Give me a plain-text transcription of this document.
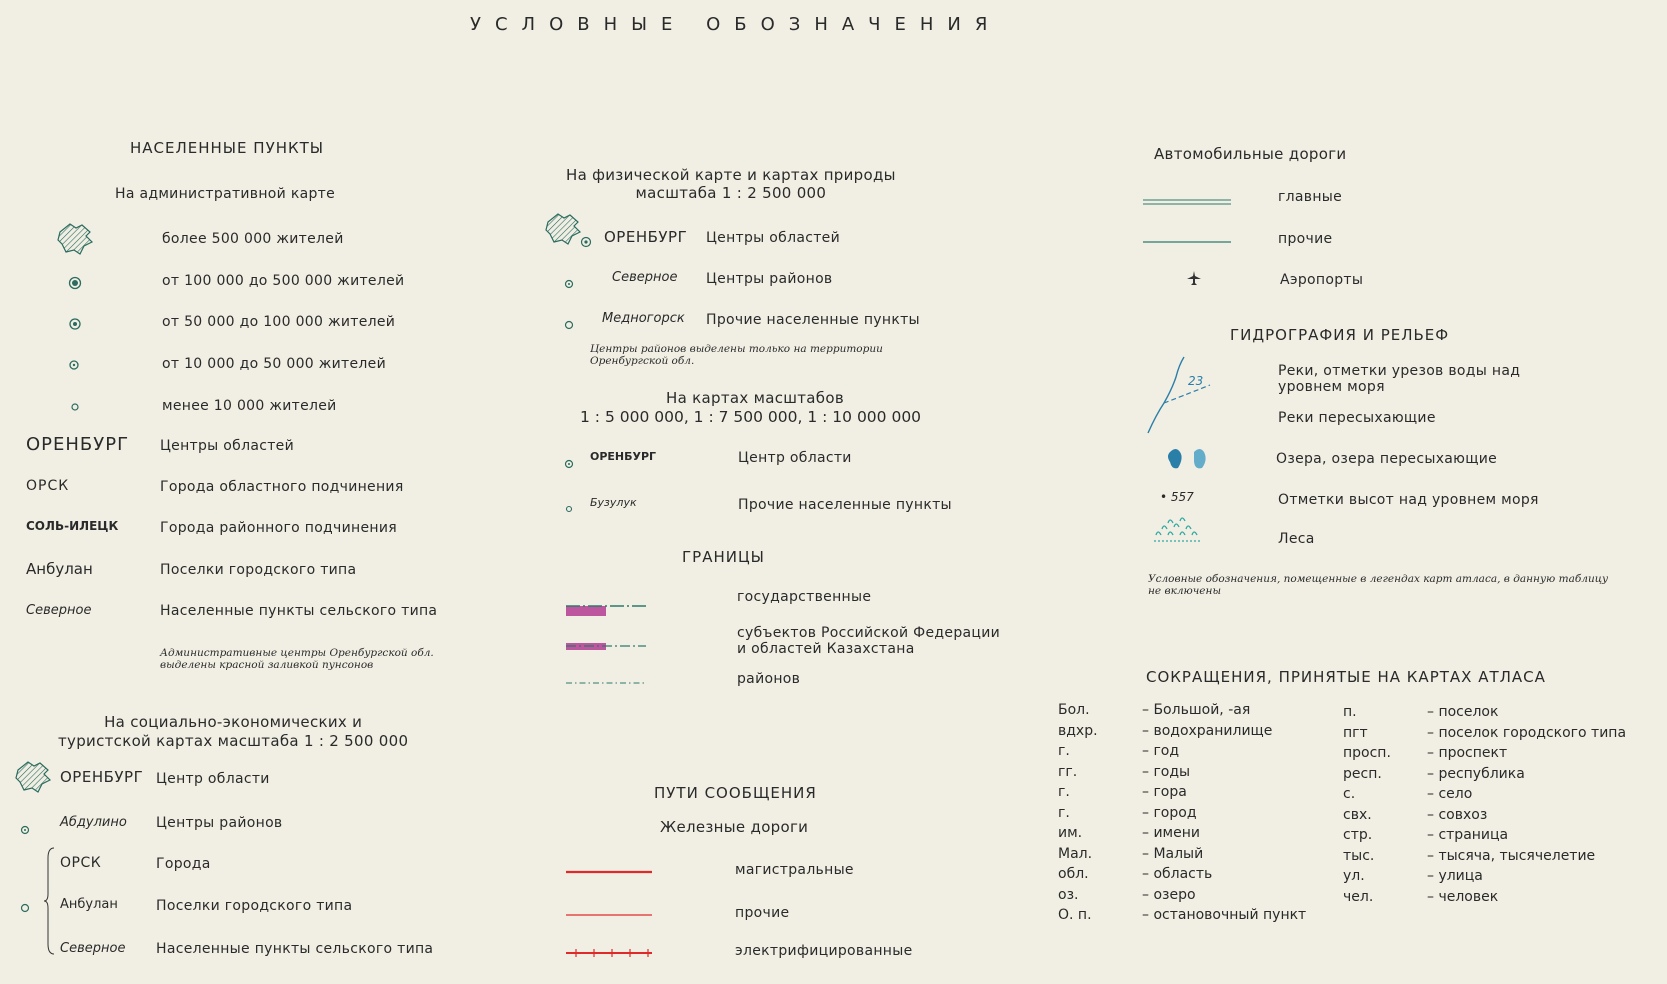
УСЛОВНЫЕ ОБОЗНАЧЕНИЯ
НАСЕЛЕННЫЕ ПУНКТЫ
На административной карте
более 500 000 жителей
от 100 000 до 500 000 жителей
от 50 000 до 100 000 жителей
от 10 000 до 50 000 жителей
менее 10 000 жителей
ОРЕНБУРГ Центры областей
ОРСК	Города областного подчинения
СОЛЬ-ИЛЕЦК	Города районного подчинения
Анбулан	Поселки городского типа
Северное	Населенные пункты сельского типа
Административные центры Оренбургской обл. выделены красной заливкой пунсонов
На социально-экономических и
туристской картах масштаба 1 : 2 500 000
ОРЕНБУРГ Центр области
Абдулино Центры районов
ОРСК	Города
Анбулан	Поселки городского типа
Северное Населенные пункты сельского типа
На физической карте и картах природы
масштаба 1 : 2 500 000
ОРЕНБУРГ Центры областей
Северное Центры районов
Медногорск Прочие населенные пункты
Центры районов выделены только на территории Оренбургской обл.
На картах масштабов
1 : 5 000 000, 1 : 7 500 000, 1 : 10 000 000
ОРЕНБУРГ	Центр области
Бузулук	Прочие населенные пункты
ГРАНИЦЫ
государственные
субъектов Российской Федерации
и областей Казахстана
районов
ПУТИ СООБЩЕНИЯ
Железные дороги
магистральные
прочие
электрифицированные
Автомобильные дороги
главные
прочие
Аэропорты
ГИДРОГРАФИЯ И РЕЛЬЕФ
23
Реки, отметки урезов воды над
уровнем моря
Реки пересыхающие
Озера, озера пересыхающие
• 557	Отметки высот над уровнем моря
Леса
Условные обозначения, помещенные в легендах карт атласа, в данную таблицу не включены
СОКРАЩЕНИЯ, ПРИНЯТЫЕ НА КАРТАХ АТЛАСА
Бол.	– Большой, -ая
вдхр.	– водохранилище
г.	– год
гг.	– годы
г.	– гора
г.	– город
им.	– имени
Мал.	– Малый
обл.	– область
оз.	– озеро
О. п.	– остановочный пункт
п.	– поселок
пгт	– поселок городского типа
просп.	– проспект
респ.	– республика
с.	– село
свх.	– совхоз
стр.	– страница
тыс.	– тысяча, тысячелетие
ул.	– улица
чел.	– человек
